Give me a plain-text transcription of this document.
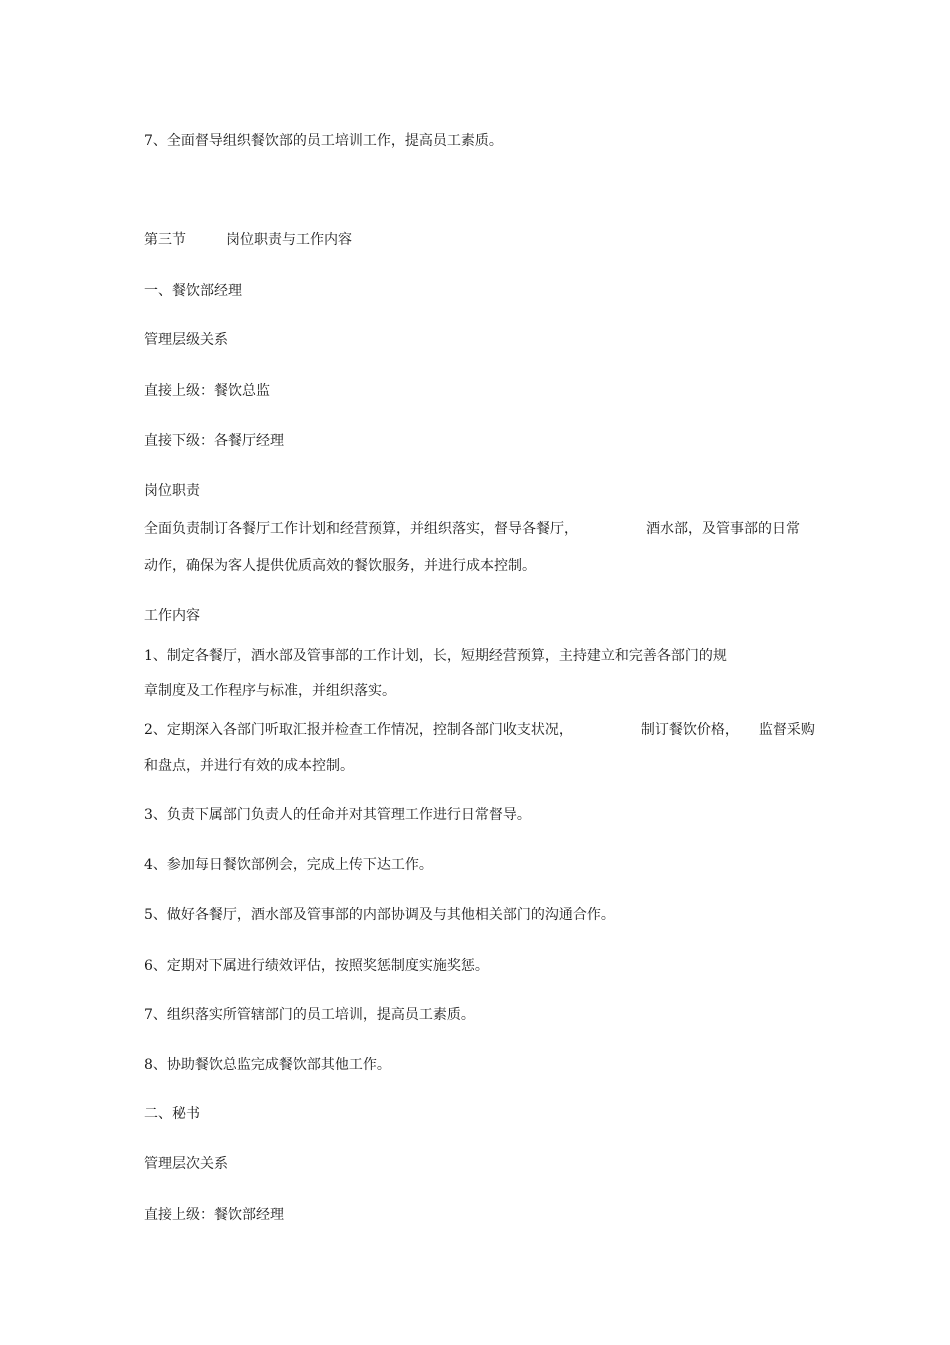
7、全面督导组织餐饮部的员工培训工作，提高员工素质。
第三节	岗位职责与工作内容
一、餐饮部经理
管理层级关系
直接上级：餐饮总监
直接下级：各餐厅经理
岗位职责
全面负责制订各餐厅工作计划和经营预算，并组织落实，督导各餐厅，	酒水部，及管事部的日常
动作，确保为客人提供优质高效的餐饮服务，并进行成本控制。
工作内容
1、制定各餐厅，酒水部及管事部的工作计划，长，短期经营预算，主持建立和完善各部门的规
章制度及工作程序与标准，并组织落实。
2、定期深入各部门听取汇报并检查工作情况，控制各部门收支状况，	制订餐饮价格， 监督采购
和盘点，并进行有效的成本控制。
3、负责下属部门负责人的任命并对其管理工作进行日常督导。
4、参加每日餐饮部例会，完成上传下达工作。
5、做好各餐厅，酒水部及管事部的内部协调及与其他相关部门的沟通合作。
6、定期对下属进行绩效评估，按照奖惩制度实施奖惩。
7、组织落实所管辖部门的员工培训，提高员工素质。
8、协助餐饮总监完成餐饮部其他工作。
二、秘书
管理层次关系
直接上级：餐饮部经理
